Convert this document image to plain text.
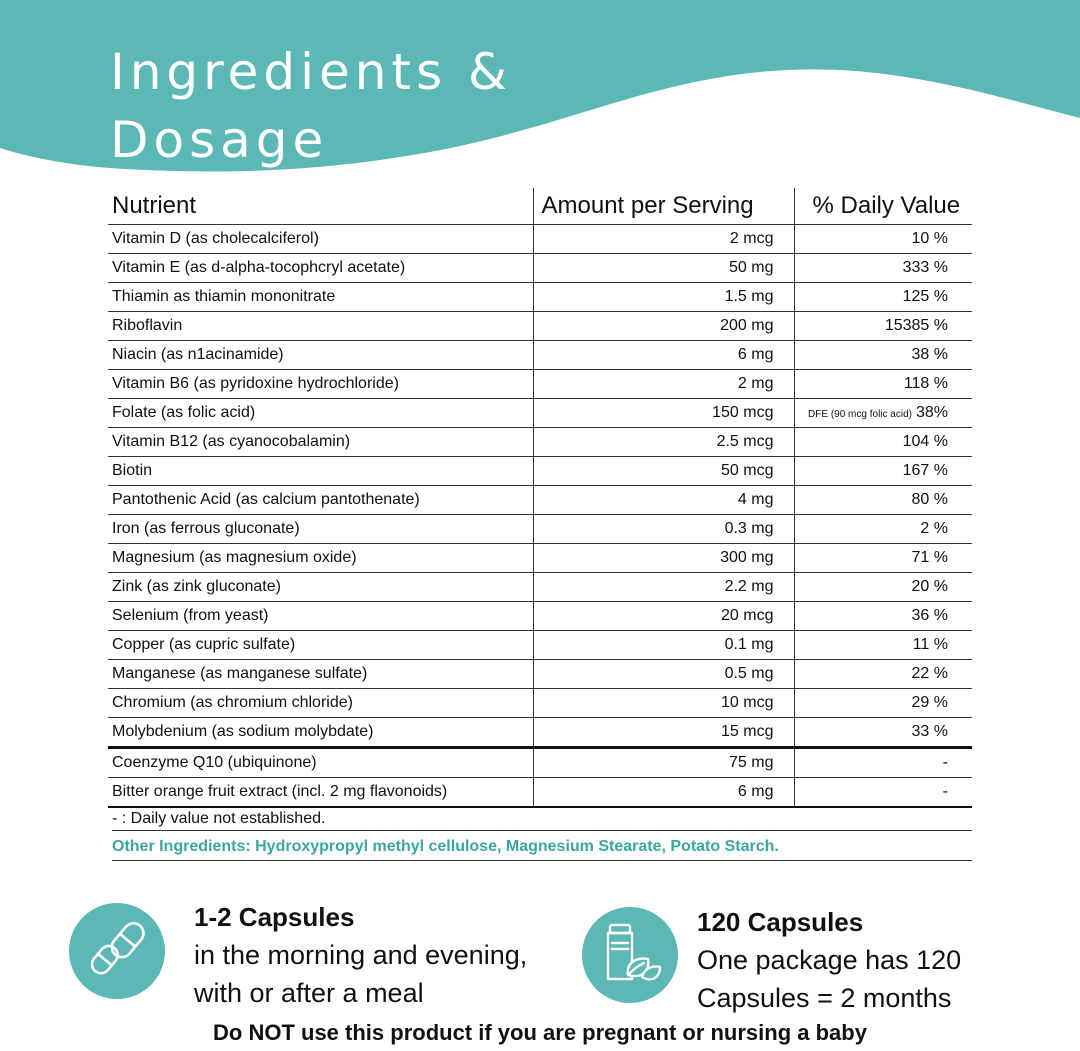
Ingredients &
Dosage
Nutrient	Amount per Serving	% Daily Value
Vitamin D (as cholecalciferol)	2 mcg	10 %
Vitamin E (as d-alpha-tocophcryl acetate)	50 mg	333 %
Thiamin as thiamin mononitrate	1.5 mg	125 %
Riboflavin	200 mg	15385 %
Niacin (as n1acinamide)	6 mg	38 %
Vitamin B6 (as pyridoxine hydrochloride)	2 mg	118 %
Folate (as folic acid)	150 mcg	DFE (90 mcg folic acid) 38%
Vitamin B12 (as cyanocobalamin)	2.5 mcg	104 %
Biotin	50 mcg	167 %
Pantothenic Acid (as calcium pantothenate)	4 mg	80 %
Iron (as ferrous gluconate)	0.3 mg	2 %
Magnesium (as magnesium oxide)	300 mg	71 %
Zink (as zink gluconate)	2.2 mg	20 %
Selenium (from yeast)	20 mcg	36 %
Copper (as cupric sulfate)	0.1 mg	11 %
Manganese (as manganese sulfate)	0.5 mg	22 %
Chromium (as chromium chloride)	10 mcg	29 %
Molybdenium (as sodium molybdate)	15 mcg	33 %
Coenzyme Q10 (ubiquinone)	75 mg	-
Bitter orange fruit extract (incl. 2 mg flavonoids)	6 mg	-
- : Daily value not established.
Other Ingredients: Hydroxypropyl methyl cellulose, Magnesium Stearate, Potato Starch.
1-2 Capsules
in the morning and evening,
with or after a meal
120 Capsules
One package has 120
Capsules = 2 months
Do NOT use this product if you are pregnant or nursing a baby
